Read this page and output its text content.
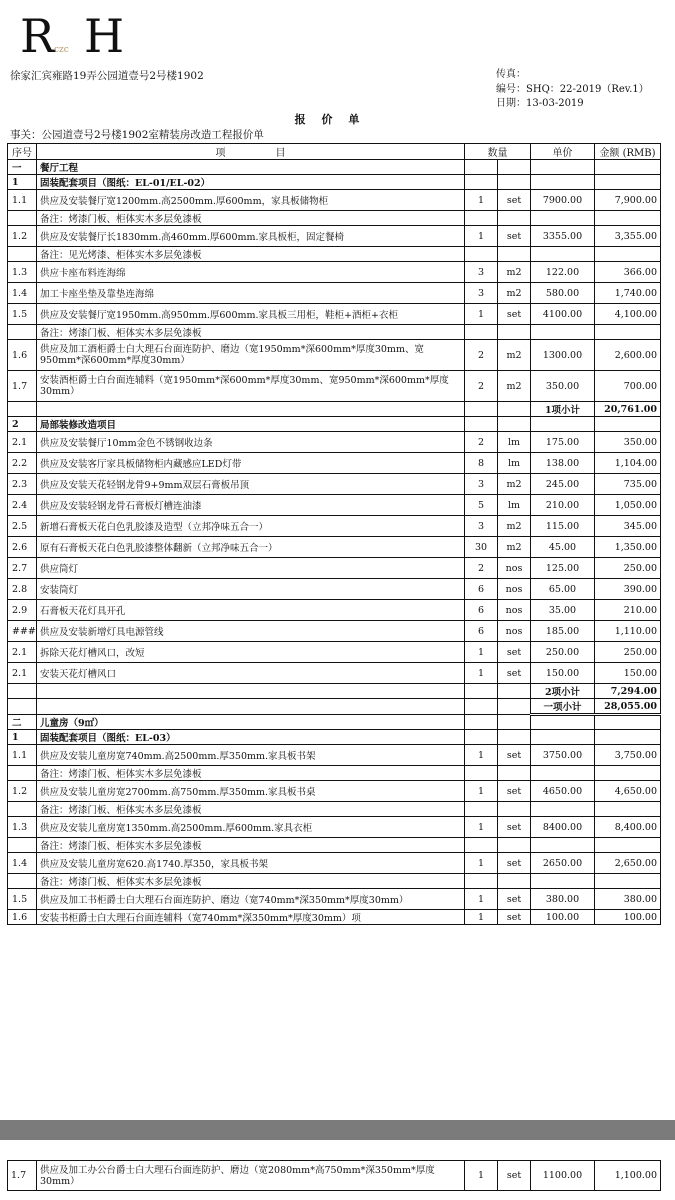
R czc H
徐家汇宾雍路19弄公园道壹号2号楼1902	传真：
编号：SHQ：22-2019（Rev.1）
日期：13-03-2019
报 价 单
事关：公园道壹号2号楼1902室精装房改造工程报价单
序号	项　　　　　目	数量		单价	金额 (RMB)
一	餐厅工程				
1	固装配套项目（图纸：EL-01/EL-02）				
1.1	供应及安装餐厅宽1200mm.高2500mm.厚600mm，家具板储物柜	1	set	7900.00	7,900.00
	备注：烤漆门板、柜体实木多层免漆板				
1.2	供应及安装餐厅长1830mm.高460mm.厚600mm.家具板柜，固定餐椅	1	set	3355.00	3,355.00
	备注：见光烤漆、柜体实木多层免漆板				
1.3	供应卡座布料连海绵	3	m2	122.00	366.00
1.4	加工卡座坐垫及靠垫连海绵	3	m2	580.00	1,740.00
1.5	供应及安装餐厅宽1950mm.高950mm.厚600mm.家具板三用柜，鞋柜+酒柜+衣柜	1	set	4100.00	4,100.00
	备注：烤漆门板、柜体实木多层免漆板				
1.6	供应及加工酒柜爵士白大理石台面连防护、磨边（宽1950mm*深600mm*厚度30mm、宽950mm*深600mm*厚度30mm）	2	m2	1300.00	2,600.00
1.7	安装酒柜爵士白台面连辅料（宽1950mm*深600mm*厚度30mm、宽950mm*深600mm*厚度30mm）	2	m2	350.00	700.00
				1项小计	20,761.00
2	局部装修改造项目				
2.1	供应及安装餐厅10mm金色不锈钢收边条	2	lm	175.00	350.00
2.2	供应及安装客厅家具板储物柜内藏感应LED灯带	8	lm	138.00	1,104.00
2.3	供应及安装天花轻钢龙骨9+9mm双层石膏板吊顶	3	m2	245.00	735.00
2.4	供应及安装轻钢龙骨石膏板灯槽连油漆	5	lm	210.00	1,050.00
2.5	新增石膏板天花白色乳胶漆及造型（立邦净味五合一）	3	m2	115.00	345.00
2.6	原有石膏板天花白色乳胶漆整体翻新（立邦净味五合一）	30	m2	45.00	1,350.00
2.7	供应筒灯	2	nos	125.00	250.00
2.8	安装筒灯	6	nos	65.00	390.00
2.9	石膏板天花灯具开孔	6	nos	35.00	210.00
###	供应及安装新增灯具电源管线	6	nos	185.00	1,110.00
2.1	拆除天花灯槽风口，改短	1	set	250.00	250.00
2.1	安装天花灯槽风口	1	set	150.00	150.00
				2项小计	7,294.00
				一项小计	28,055.00
二	儿童房（9㎡）				
1	固装配套项目（图纸：EL-03）				
1.1	供应及安装儿童房宽740mm.高2500mm.厚350mm.家具板书架	1	set	3750.00	3,750.00
	备注：烤漆门板、柜体实木多层免漆板				
1.2	供应及安装儿童房宽2700mm.高750mm.厚350mm.家具板书桌	1	set	4650.00	4,650.00
	备注：烤漆门板、柜体实木多层免漆板				
1.3	供应及安装儿童房宽1350mm.高2500mm.厚600mm.家具衣柜	1	set	8400.00	8,400.00
	备注：烤漆门板、柜体实木多层免漆板				
1.4	供应及安装儿童房宽620.高1740.厚350，家具板书架	1	set	2650.00	2,650.00
	备注：烤漆门板、柜体实木多层免漆板				
1.5	供应及加工书柜爵士白大理石台面连防护、磨边（宽740mm*深350mm*厚度30mm）	1	set	380.00	380.00
1.6	安装书柜爵士白大理石台面连辅料（宽740mm*深350mm*厚度30mm）项	1	set	100.00	100.00
1.7	供应及加工办公台爵士白大理石台面连防护、磨边（宽2080mm*高750mm*深350mm*厚度30mm）	1	set	1100.00	1,100.00
